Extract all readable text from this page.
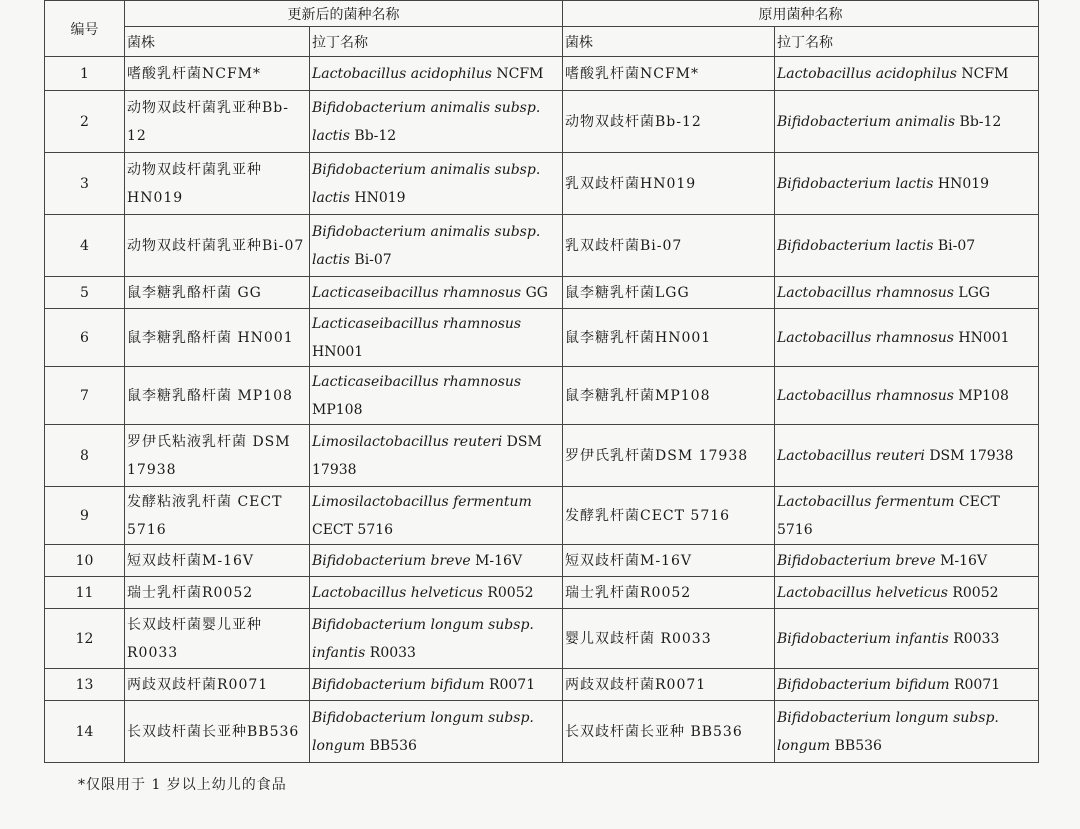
编号	更新后的菌种名称		原用菌种名称	
	菌株	拉丁名称	菌株	拉丁名称
1	嗜酸乳杆菌NCFM*	Lactobacillus acidophilus NCFM	嗜酸乳杆菌NCFM*	Lactobacillus acidophilus NCFM
2	动物双歧杆菌乳亚种Bb-12	Bifidobacterium animalis subsp. lactis Bb-12	动物双歧杆菌Bb-12	Bifidobacterium animalis Bb-12
3	动物双歧杆菌乳亚种HN019	Bifidobacterium animalis subsp. lactis HN019	乳双歧杆菌HN019	Bifidobacterium lactis HN019
4	动物双歧杆菌乳亚种Bi-07	Bifidobacterium animalis subsp. lactis Bi-07	乳双歧杆菌Bi-07	Bifidobacterium lactis Bi-07
5	鼠李糖乳酪杆菌 GG	Lacticaseibacillus rhamnosus GG	鼠李糖乳杆菌LGG	Lactobacillus rhamnosus LGG
6	鼠李糖乳酪杆菌 HN001	Lacticaseibacillus rhamnosus HN001	鼠李糖乳杆菌HN001	Lactobacillus rhamnosus HN001
7	鼠李糖乳酪杆菌 MP108	Lacticaseibacillus rhamnosus MP108	鼠李糖乳杆菌MP108	Lactobacillus rhamnosus MP108
8	罗伊氏粘液乳杆菌 DSM 17938	Limosilactobacillus reuteri DSM 17938	罗伊氏乳杆菌DSM 17938	Lactobacillus reuteri DSM 17938
9	发酵粘液乳杆菌 CECT 5716	Limosilactobacillus fermentum CECT 5716	发酵乳杆菌CECT 5716	Lactobacillus fermentum CECT 5716
10	短双歧杆菌M-16V	Bifidobacterium breve M-16V	短双歧杆菌M-16V	Bifidobacterium breve M-16V
11	瑞士乳杆菌R0052	Lactobacillus helveticus R0052	瑞士乳杆菌R0052	Lactobacillus helveticus R0052
12	长双歧杆菌婴儿亚种R0033	Bifidobacterium longum subsp. infantis R0033	婴儿双歧杆菌 R0033	Bifidobacterium infantis R0033
13	两歧双歧杆菌R0071	Bifidobacterium bifidum R0071	两歧双歧杆菌R0071	Bifidobacterium bifidum R0071
14	长双歧杆菌长亚种BB536	Bifidobacterium longum subsp. longum BB536	长双歧杆菌长亚种 BB536	Bifidobacterium longum subsp. longum BB536
*仅限用于 1 岁以上幼儿的食品
